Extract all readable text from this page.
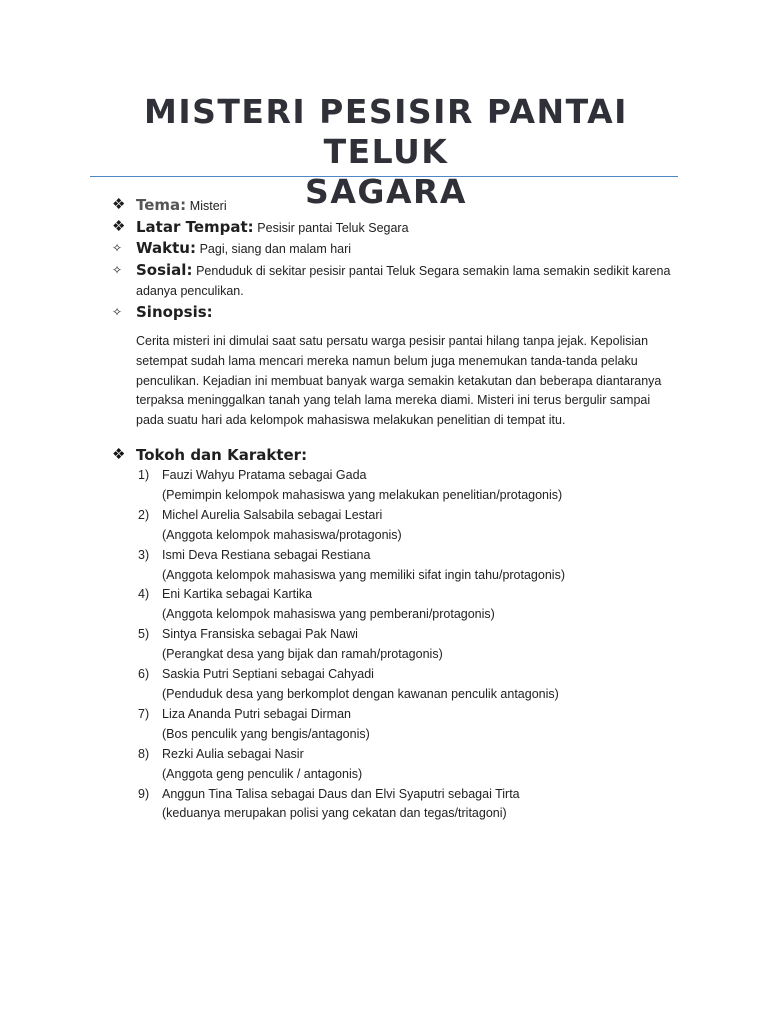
MISTERI PESISIR PANTAI TELUK
SAGARA
❖ Tema: Misteri
❖ Latar Tempat: Pesisir pantai Teluk Segara
✧ Waktu: Pagi, siang dan malam hari
✧ Sosial: Penduduk di sekitar pesisir pantai Teluk Segara semakin lama semakin sedikit karena adanya penculikan.
✧ Sinopsis:

Cerita misteri ini dimulai saat satu persatu warga pesisir pantai hilang tanpa jejak. Kepolisian setempat sudah lama mencari mereka namun belum juga menemukan tanda-tanda pelaku penculikan. Kejadian ini membuat banyak warga semakin ketakutan dan beberapa diantaranya terpaksa meninggalkan tanah yang telah lama mereka diami. Misteri ini terus bergulir sampai pada suatu hari ada kelompok mahasiswa melakukan penelitian di tempat itu.

❖ Tokoh dan Karakter:
1) Fauzi Wahyu Pratama sebagai Gada
(Pemimpin kelompok mahasiswa yang melakukan penelitian/protagonis)
2) Michel Aurelia Salsabila sebagai Lestari
(Anggota kelompok mahasiswa/protagonis)
3) Ismi Deva Restiana sebagai Restiana
(Anggota kelompok mahasiswa yang memiliki sifat ingin tahu/protagonis)
4) Eni Kartika sebagai Kartika
(Anggota kelompok mahasiswa yang pemberani/protagonis)
5) Sintya Fransiska sebagai Pak Nawi
(Perangkat desa yang bijak dan ramah/protagonis)
6) Saskia Putri Septiani sebagai Cahyadi
(Penduduk desa yang berkomplot dengan kawanan penculik antagonis)
7) Liza Ananda Putri sebagai Dirman
(Bos penculik yang bengis/antagonis)
8) Rezki Aulia sebagai Nasir
(Anggota geng penculik / antagonis)
9) Anggun Tina Talisa sebagai Daus dan Elvi Syaputri sebagai Tirta
(keduanya merupakan polisi yang cekatan dan tegas/tritagoni)
